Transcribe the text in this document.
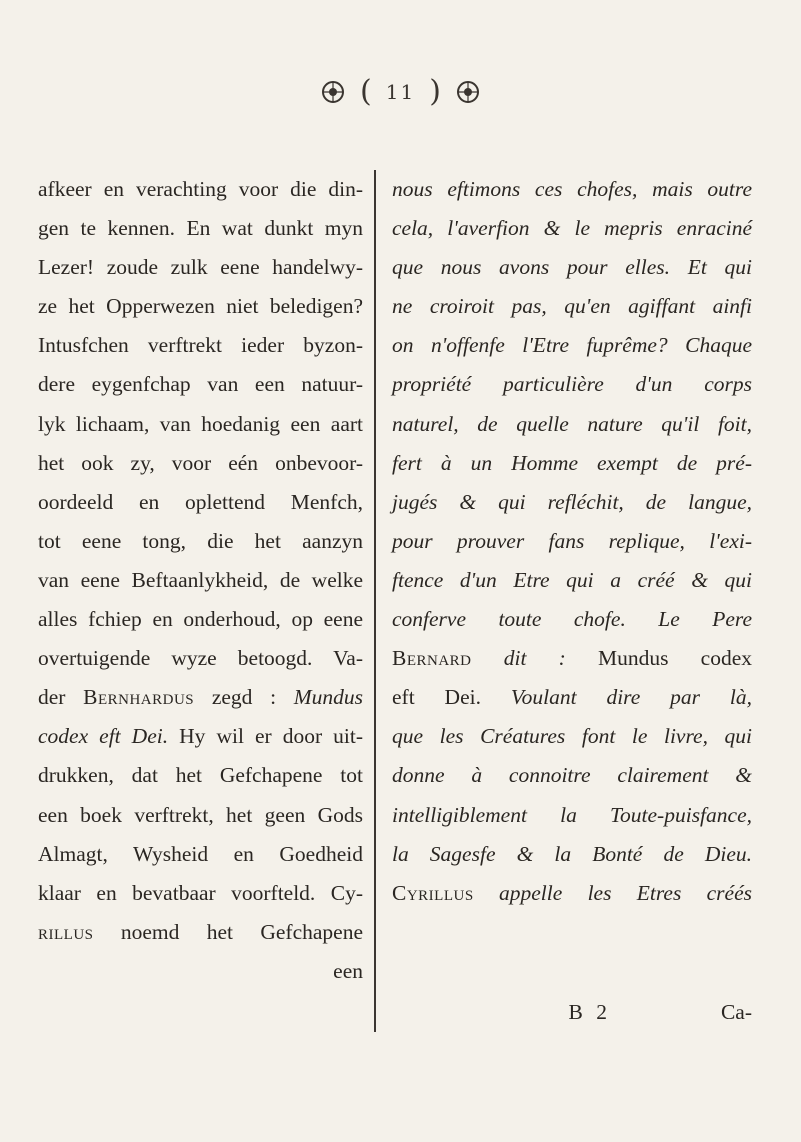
( 11 )
afkeer en verachting voor die din-
gen te kennen. En wat dunkt myn
Lezer! zoude zulk eene handelwy-
ze het Opperwezen niet beledigen?
Intusfchen verftrekt ieder byzon-
dere eygenfchap van een natuur-
lyk lichaam, van hoedanig een aart
het ook zy, voor eén onbevoor-
oordeeld en oplettend Menfch,
tot eene tong, die het aanzyn
van eene Beftaanlykheid, de welke
alles fchiep en onderhoud, op eene
overtuigende wyze betoogd. Va-
der Bernhardus zegd : Mundus
codex eft Dei. Hy wil er door uit-
drukken, dat het Gefchapene tot
een boek verftrekt, het geen Gods
Almagt, Wysheid en Goedheid
klaar en bevatbaar voorfteld. Cy-
rillus noemd het Gefchapene
een
nous eftimons ces chofes, mais outre
cela, l'averfion & le mepris enraciné
que nous avons pour elles. Et qui
ne croiroit pas, qu'en agiffant ainfi
on n'offenfe l'Etre fuprême? Chaque
propriété particulière d'un corps
naturel, de quelle nature qu'il foit,
fert à un Homme exempt de pré-
jugés & qui refléchit, de langue,
pour prouver fans replique, l'exi-
ftence d'un Etre qui a créé & qui
conferve toute chofe. Le Pere
Bernard dit : Mundus codex
eft Dei. Voulant dire par là,
que les Créatures font le livre, qui
donne à connoitre clairement &
intelligiblement la Toute-puisfance,
la Sagesfe & la Bonté de Dieu.
Cyrillus appelle les Etres créés
B 2	Ca-
